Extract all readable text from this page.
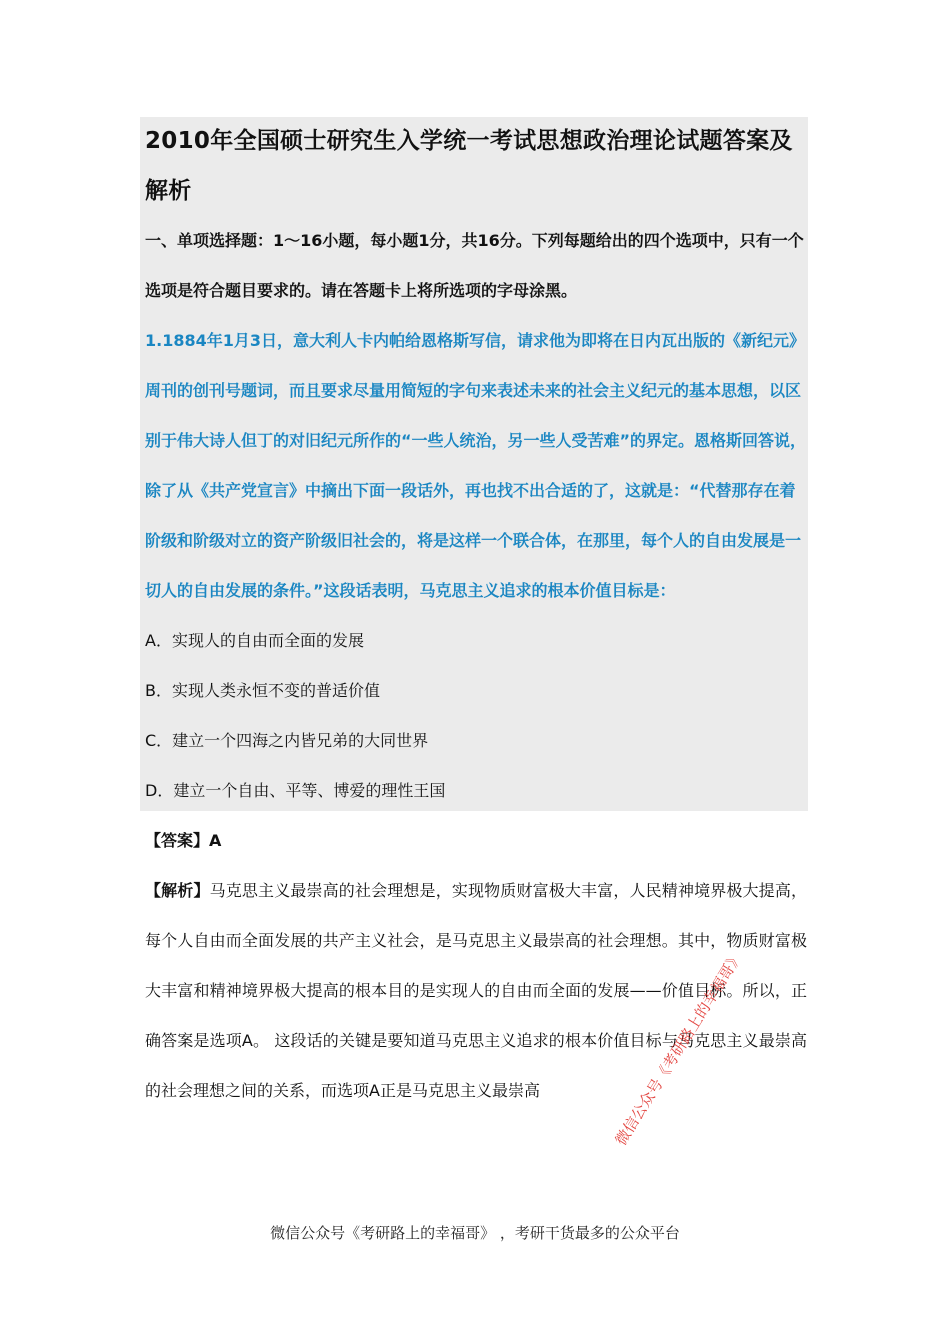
2010年全国硕士研究生入学统一考试思想政治理论试题答案及解析

一、单项选择题：1～16小题，每小题1分，共16分。下列每题给出的四个选项中，只有一个选项是符合题目要求的。请在答题卡上将所选项的字母涂黑。

1.1884年1月3日，意大利人卡内帕给恩格斯写信，请求他为即将在日内瓦出版的《新纪元》周刊的创刊号题词，而且要求尽量用简短的字句来表述未来的社会主义纪元的基本思想，以区别于伟大诗人但丁的对旧纪元所作的“一些人统治，另一些人受苦难”的界定。恩格斯回答说，除了从《共产党宣言》中摘出下面一段话外，再也找不出合适的了，这就是：“代替那存在着阶级和阶级对立的资产阶级旧社会的，将是这样一个联合体，在那里，每个人的自由发展是一切人的自由发展的条件。”这段话表明，马克思主义追求的根本价值目标是：

A．实现人的自由而全面的发展

B．实现人类永恒不变的普适价值

C．建立一个四海之内皆兄弟的大同世界

D．建立一个自由、平等、博爱的理性王国

【答案】A

【解析】马克思主义最崇高的社会理想是，实现物质财富极大丰富，人民精神境界极大提高，每个人自由而全面发展的共产主义社会，是马克思主义最崇高的社会理想。其中，物质财富极大丰富和精神境界极大提高的根本目的是实现人的自由而全面的发展——价值目标。所以，正确答案是选项A。 这段话的关键是要知道马克思主义追求的根本价值目标与马克思主义最崇高的社会理想之间的关系，而选项A正是马克思主义最崇高	微信公众号《考研路上的幸福哥》
微信公众号《考研路上的幸福哥》 ，考研干货最多的公众平台
